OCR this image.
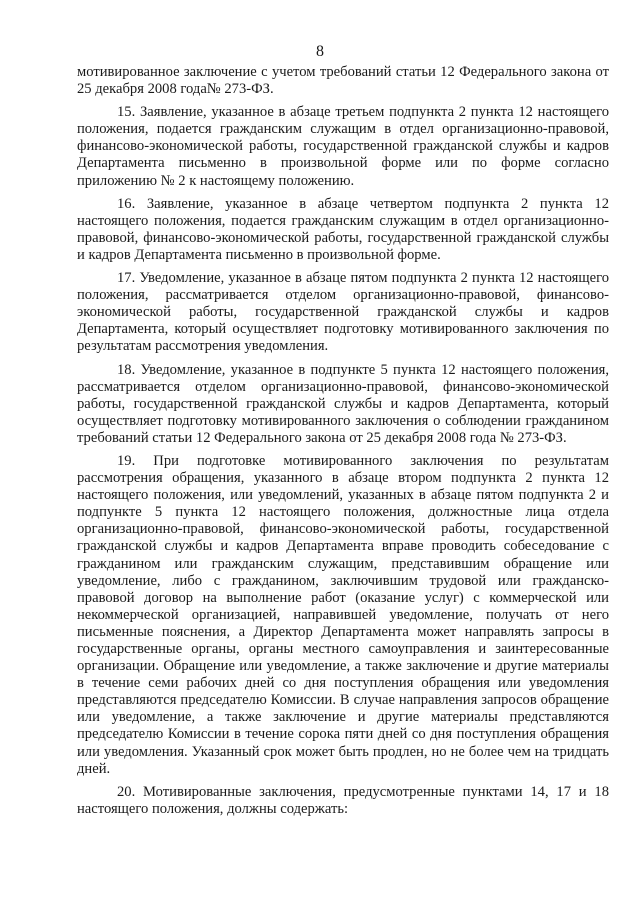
8

мотивированное заключение с учетом требований статьи 12 Федерального закона от 25 декабря 2008 года№ 273-ФЗ.

15. Заявление, указанное в абзаце третьем подпункта 2 пункта 12 настоящего положения, подается гражданским служащим в отдел организационно-правовой, финансово-экономической работы, государственной гражданской службы и кадров Департамента письменно в произвольной форме или по форме согласно приложению № 2 к настоящему положению.

16. Заявление, указанное в абзаце четвертом подпункта 2 пункта 12 настоящего положения, подается гражданским служащим в отдел организационно-правовой, финансово-экономической работы, государственной гражданской службы и кадров Департамента письменно в произвольной форме.

17. Уведомление, указанное в абзаце пятом подпункта 2 пункта 12 настоящего положения, рассматривается отделом организационно-правовой, финансово-экономической работы, государственной гражданской службы и кадров Департамента, который осуществляет подготовку мотивированного заключения по результатам рассмотрения уведомления.

18. Уведомление, указанное в подпункте 5 пункта 12 настоящего положения, рассматривается отделом организационно-правовой, финансово-экономической работы, государственной гражданской службы и кадров Департамента, который осуществляет подготовку мотивированного заключения о соблюдении гражданином требований статьи 12 Федерального закона от 25 декабря 2008 года № 273-ФЗ.

19. При подготовке мотивированного заключения по результатам рассмотрения обращения, указанного в абзаце втором подпункта 2 пункта 12 настоящего положения, или уведомлений, указанных в абзаце пятом подпункта 2 и подпункте 5 пункта 12 настоящего положения, должностные лица отдела организационно-правовой, финансово-экономической работы, государственной гражданской службы и кадров Департамента вправе проводить собеседование с гражданином или гражданским служащим, представившим обращение или уведомление, либо с гражданином, заключившим трудовой или гражданско-правовой договор на выполнение работ (оказание услуг) с коммерческой или некоммерческой организацией, направившей уведомление, получать от него письменные пояснения, а Директор Департамента может направлять запросы в государственные органы, органы местного самоуправления и заинтересованные организации. Обращение или уведомление, а также заключение и другие материалы в течение семи рабочих дней со дня поступления обращения или уведомления представляются председателю Комиссии. В случае направления запросов обращение или уведомление, а также заключение и другие материалы представляются председателю Комиссии в течение сорока пяти дней со дня поступления обращения или уведомления. Указанный срок может быть продлен, но не более чем на тридцать дней.

20. Мотивированные заключения, предусмотренные пунктами 14, 17 и 18 настоящего положения, должны содержать:
